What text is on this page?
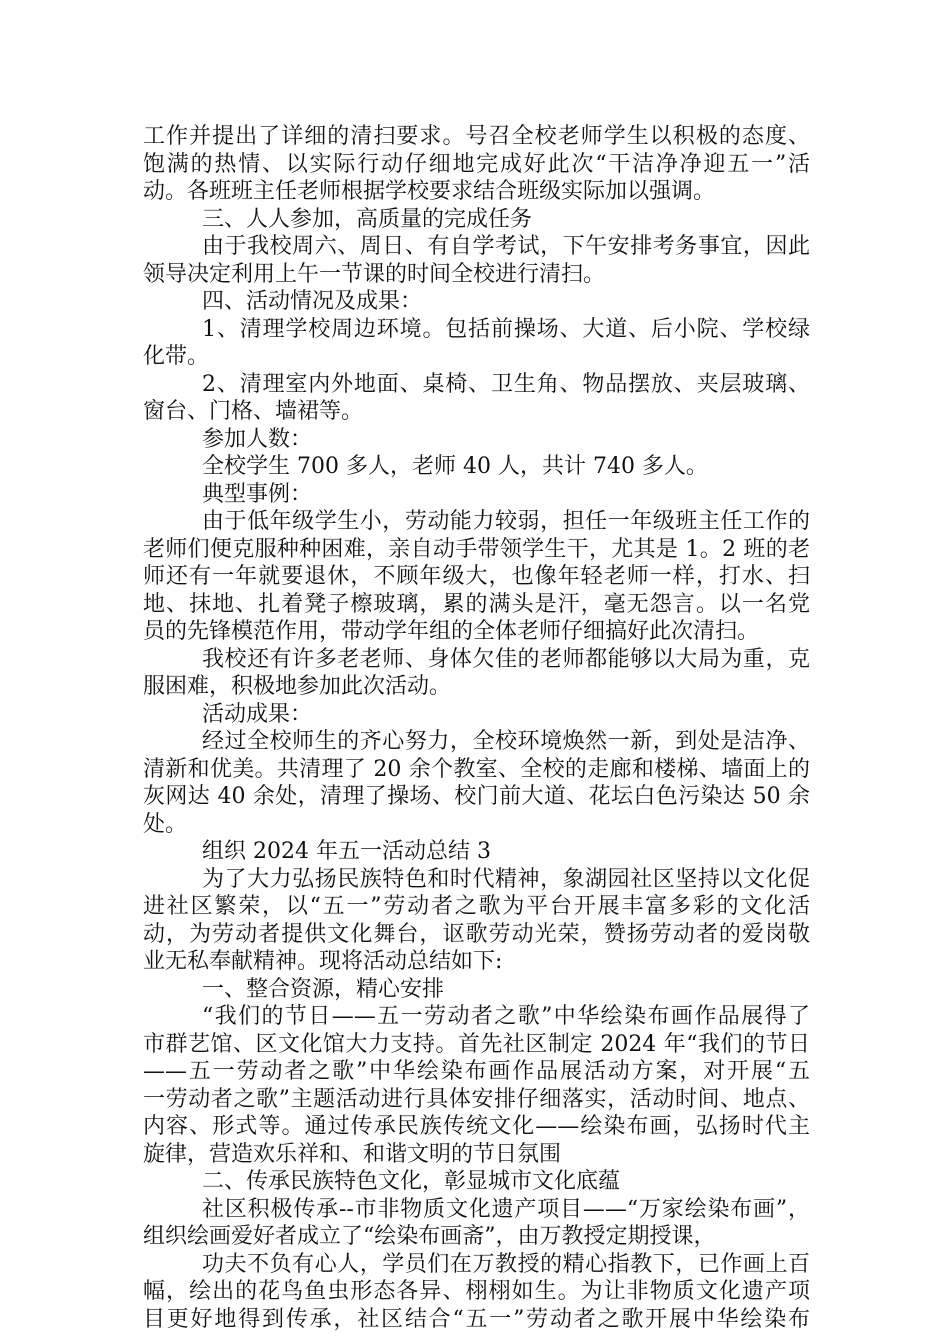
工作并提出了详细的清扫要求。号召全校老师学生以积极的态度、
饱满的热情、以实际行动仔细地完成好此次“干洁净净迎五一”活
动。各班班主任老师根据学校要求结合班级实际加以强调。
三、人人参加，高质量的完成任务
由于我校周六、周日、有自学考试，下午安排考务事宜，因此
领导决定利用上午一节课的时间全校进行清扫。
四、活动情况及成果：
1、清理学校周边环境。包括前操场、大道、后小院、学校绿
化带。
2、清理室内外地面、桌椅、卫生角、物品摆放、夹层玻璃、
窗台、门格、墙裙等。
参加人数：
全校学生 700 多人，老师 40 人，共计 740 多人。
典型事例：
由于低年级学生小，劳动能力较弱，担任一年级班主任工作的
老师们便克服种种困难，亲自动手带领学生干，尤其是 1。2 班的老
师还有一年就要退休，不顾年级大，也像年轻老师一样，打水、扫
地、抹地、扎着凳子檫玻璃，累的满头是汗，毫无怨言。以一名党
员的先锋模范作用，带动学年组的全体老师仔细搞好此次清扫。
我校还有许多老老师、身体欠佳的老师都能够以大局为重，克
服困难，积极地参加此次活动。
活动成果：
经过全校师生的齐心努力，全校环境焕然一新，到处是洁净、
清新和优美。共清理了 20 余个教室、全校的走廊和楼梯、墙面上的
灰网达 40 余处，清理了操场、校门前大道、花坛白色污染达 50 余
处。
组织 2024 年五一活动总结 3
为了大力弘扬民族特色和时代精神，象湖园社区坚持以文化促
进社区繁荣，以“五一”劳动者之歌为平台开展丰富多彩的文化活
动，为劳动者提供文化舞台，讴歌劳动光荣，赞扬劳动者的爱岗敬
业无私奉献精神。现将活动总结如下:
一、整合资源，精心安排
“我们的节日——五一劳动者之歌”中华绘染布画作品展得了
市群艺馆、区文化馆大力支持。首先社区制定 2024 年“我们的节日
——五一劳动者之歌”中华绘染布画作品展活动方案，对开展“五
一劳动者之歌”主题活动进行具体安排仔细落实，活动时间、地点、
内容、形式等。通过传承民族传统文化——绘染布画，弘扬时代主
旋律，营造欢乐祥和、和谐文明的节日氛围
二、传承民族特色文化，彰显城市文化底蕴
社区积极传承--市非物质文化遗产项目——“万家绘染布画”，
组织绘画爱好者成立了“绘染布画斋”，由万教授定期授课，
功夫不负有心人，学员们在万教授的精心指教下，已作画上百
幅，绘出的花鸟鱼虫形态各异、栩栩如生。为让非物质文化遗产项
目更好地得到传承，社区结合“五一”劳动者之歌开展中华绘染布
